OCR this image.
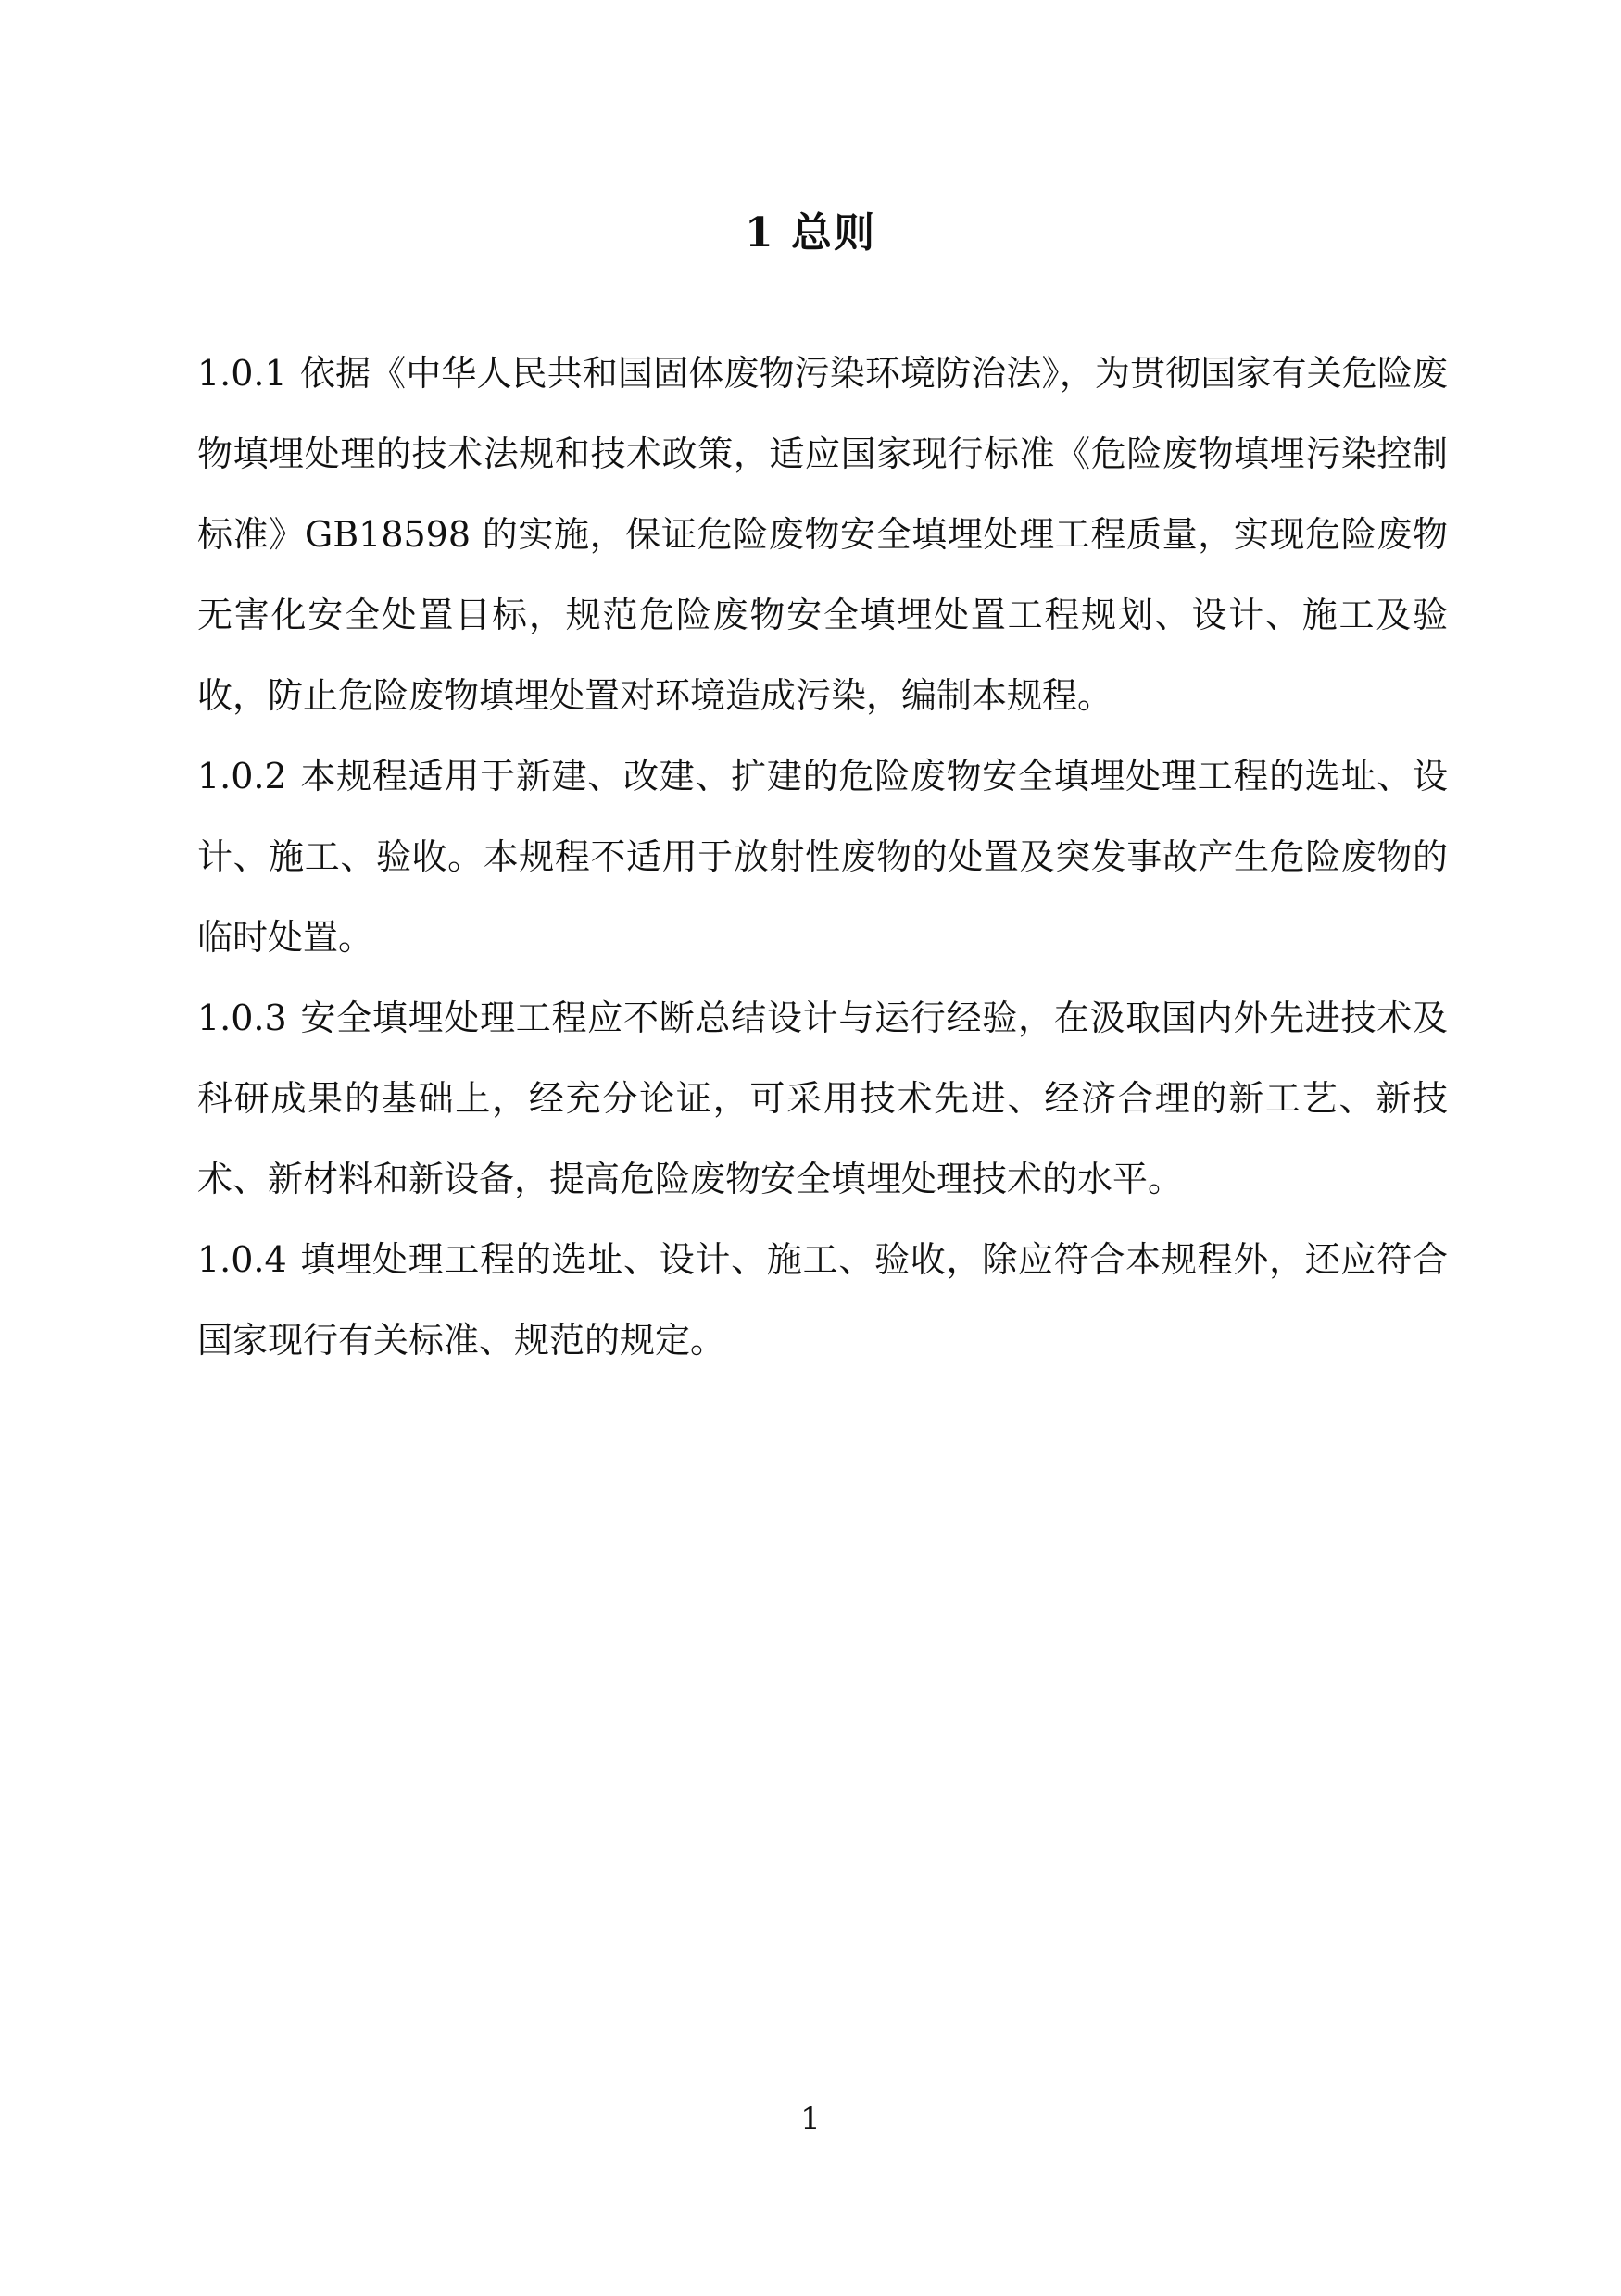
1 总则

1.0.1 依据《中华人民共和国固体废物污染环境防治法》，为贯彻国家有关危险废物填埋处理的技术法规和技术政策，适应国家现行标准《危险废物填埋污染控制标准》GB18598 的实施，保证危险废物安全填埋处理工程质量，实现危险废物无害化安全处置目标，规范危险废物安全填埋处置工程规划、设计、施工及验收，防止危险废物填埋处置对环境造成污染，编制本规程。

1.0.2 本规程适用于新建、改建、扩建的危险废物安全填埋处理工程的选址、设计、施工、验收。本规程不适用于放射性废物的处置及突发事故产生危险废物的临时处置。

1.0.3 安全填埋处理工程应不断总结设计与运行经验，在汲取国内外先进技术及科研成果的基础上，经充分论证，可采用技术先进、经济合理的新工艺、新技术、新材料和新设备，提高危险废物安全填埋处理技术的水平。

1.0.4 填埋处理工程的选址、设计、施工、验收，除应符合本规程外，还应符合国家现行有关标准、规范的规定。

1
